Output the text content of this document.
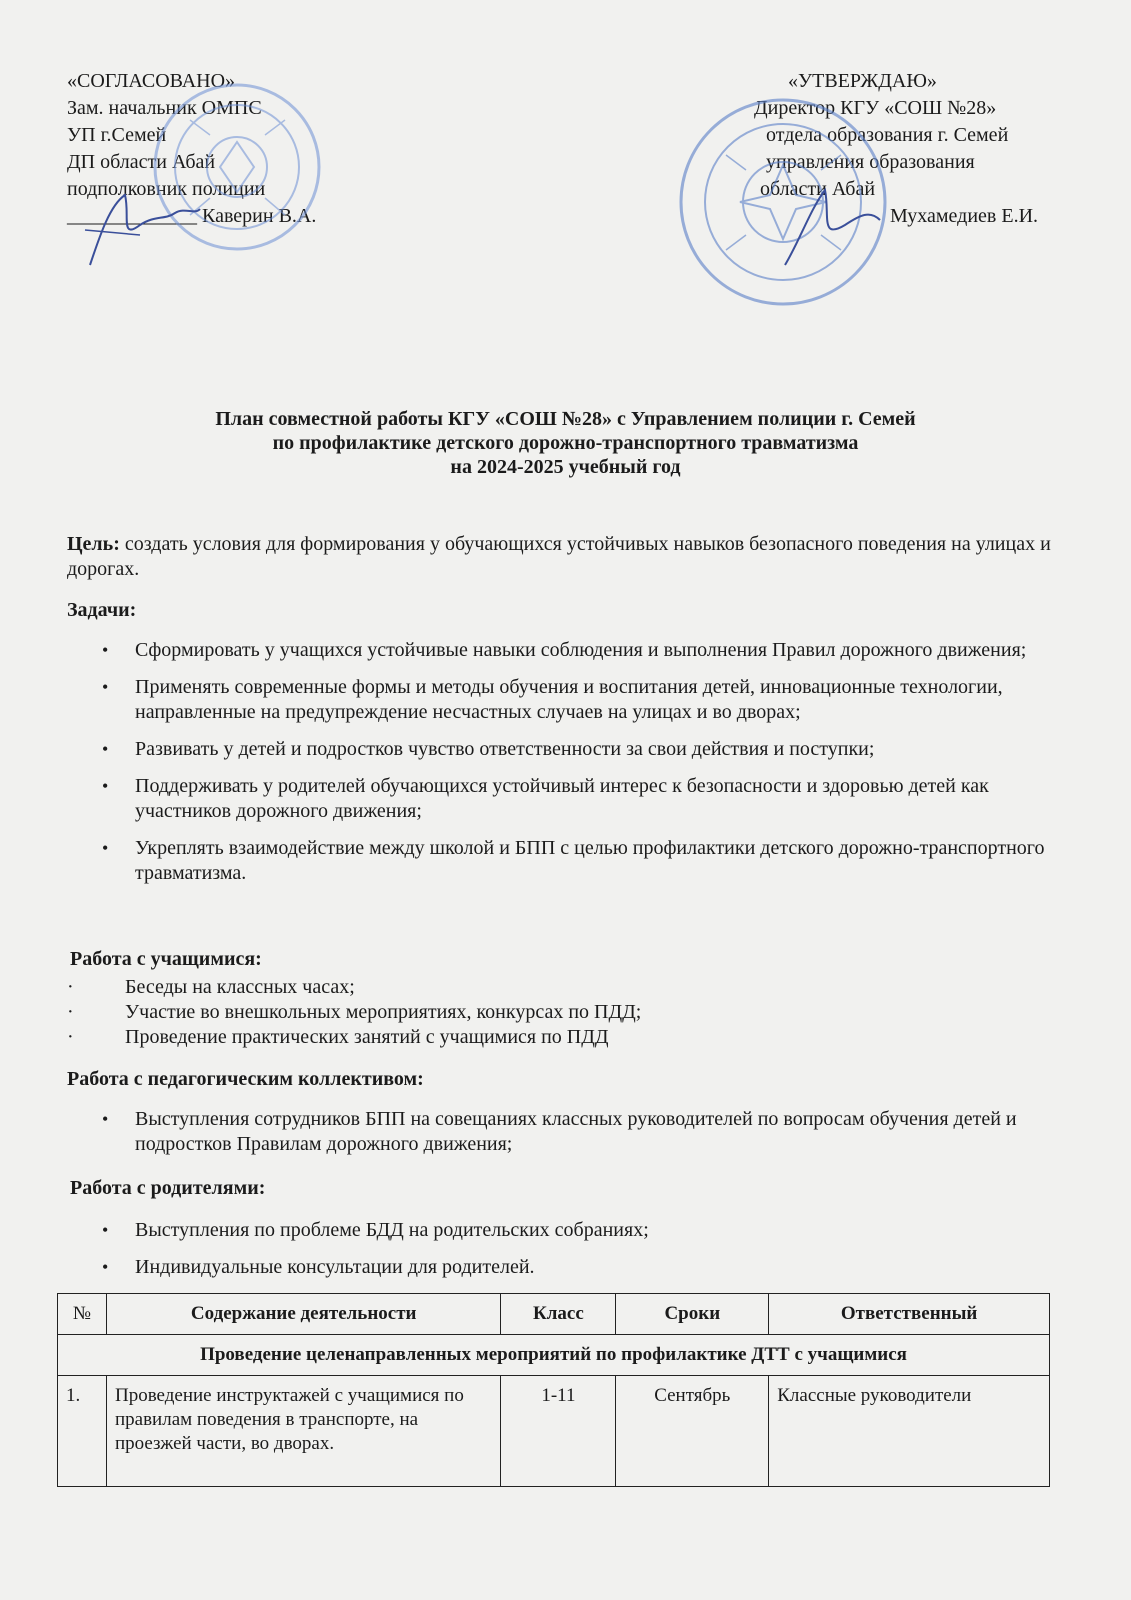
«СОГЛАСОВАНО»
Зам. начальник ОМПС
УП г.Семей
ДП области Абай
подполковник полиции
_____________ Каверин В.А.
«УТВЕРЖДАЮ»
Директор КГУ «СОШ №28»
отдела образования г. Семей
управления образования
области Абай
Мухамедиев Е.И.
План совместной работы КГУ «СОШ №28» с Управлением полиции г. Семей
по профилактике детского дорожно-транспортного травматизма
на 2024-2025 учебный год
Цель: создать условия для формирования у обучающихся устойчивых навыков безопасного поведения на улицах и дорогах.
Задачи:
• Сформировать у учащихся устойчивые навыки соблюдения и выполнения Правил дорожного движения;
• Применять современные формы и методы обучения и воспитания детей, инновационные технологии, направленные на предупреждение несчастных случаев на улицах и во дворах;
• Развивать у детей и подростков чувство ответственности за свои действия и поступки;
• Поддерживать у родителей обучающихся устойчивый интерес к безопасности и здоровью детей как участников дорожного движения;
• Укреплять взаимодействие между школой и БПП с целью профилактики детского дорожно-транспортного травматизма.
Работа с учащимися:
· Беседы на классных часах;
· Участие во внешкольных мероприятиях, конкурсах по ПДД;
· Проведение практических занятий с учащимися по ПДД
Работа с педагогическим коллективом:
• Выступления сотрудников БПП на совещаниях классных руководителей по вопросам обучения детей и подростков Правилам дорожного движения;
Работа с родителями:
• Выступления по проблеме БДД на родительских собраниях;
• Индивидуальные консультации для родителей.
№	Содержание деятельности	Класс	Сроки	Ответственный
Проведение целенаправленных мероприятий по профилактике ДТТ с учащимися				
1.	Проведение инструктажей с учащимися по правилам поведения в транспорте, на проезжей части, во дворах.	1-11	Сентябрь	Классные руководители
